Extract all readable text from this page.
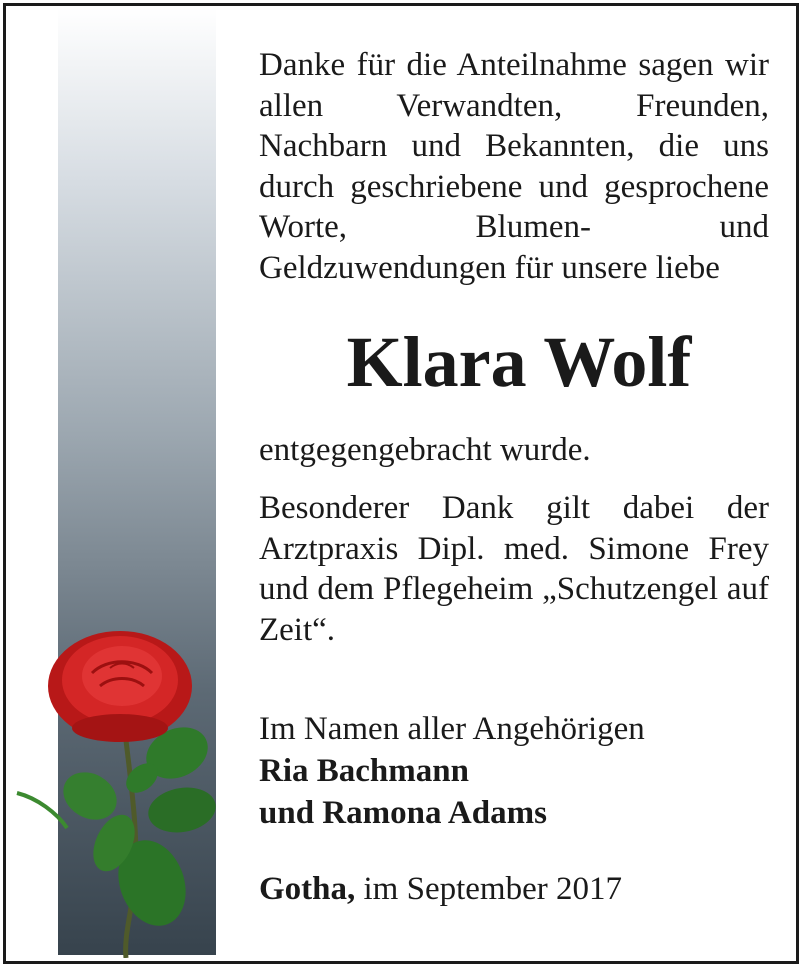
Danke für die Anteilnahme sagen wir allen Verwandten, Freunden, Nachbarn und Bekannten, die uns durch geschriebene und gesprochene Worte, Blumen- und Geldzuwendungen für unsere liebe
Klara Wolf
entgegengebracht wurde.
Besonderer Dank gilt dabei der Arztpraxis Dipl. med. Simone Frey und dem Pflegeheim „Schutzengel auf Zeit“.
Im Namen aller Angehörigen
Ria Bachmann
und Ramona Adams
Gotha, im September 2017
